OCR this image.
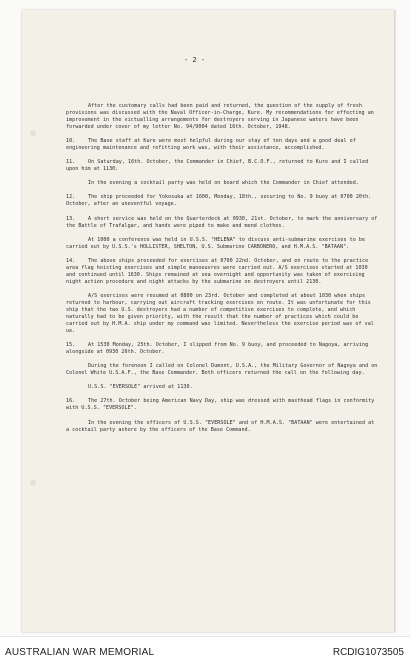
- 2 -
After the customary calls had been paid and returned, the question of the supply of fresh provisions was discussed with the Naval Officer-in-Charge, Kure. My recommendations for effecting an improvement in the victualling arrangements for destroyers serving in Japanese waters have been forwarded under cover of my letter No. 94/9004 dated 16th. October, 1948.
10.	The Base staff at Kure were most helpful during our stay of ten days and a good deal of engineering maintenance and refitting work was, with their assistance, accomplished.
11.	On Saturday, 16th. October, the Commander in Chief, B.C.O.F., returned to Kure and I called upon him at 1130.
In the evening a cocktail party was held on board which the Commander in Chief attended.
12.	The ship proceeded for Yokosuka at 1600, Monday, 18th., securing to No. 9 buoy at 0700 20th. October, after an uneventful voyage.
13.	A short service was held on the Quarterdeck at 0930, 21st. October, to mark the anniversary of the Battle of Trafalgar, and hands were piped to make and mend clothes.
At 1000 a conference was held in U.S.S. "HELENA" to discuss anti-submarine exercises to be carried out by U.S.S.'s HOLLISTER, SHELTON, U.S. Submarine CARBONERO, and H.M.A.S. "BATAAN".
14.	The above ships proceeded for exercises at 0700 22nd. October, and en route to the practice area flag hoisting exercises and simple manoeuvres were carried out. A/S exercises started at 1030 and continued until 1630. Ships remained at sea overnight and opportunity was taken of exercising night action procedure and night attacks by the submarine on destroyers until 2130.
A/S exercises were resumed at 0800 on 23rd. October and completed at about 1030 when ships returned to harbour, carrying out aircraft tracking exercises en route. It was unfortunate for this ship that the two U.S. destroyers had a number of competitive exercises to complete, and which naturally had to be given priority, with the result that the number of practices which could be carried out by H.M.A. ship under my command was limited. Nevertheless the exercise period was of val ue.
15.	At 1530 Monday, 25th. October, I slipped from No. 9 buoy, and proceeded to Nagoya, arriving alongside at 0930 26th. October.
During the forenoon I called on Colonel Dumont, U.S.A., the Military Governor of Nagoya and on Colonel White U.S.A.F., the Base Commander. Both officers returned the call on the following day.
U.S.S. "EVERSOLE" arrived at 1130.
16.	The 27th. October being American Navy Day, ship was dressed with masthead flags in conformity with U.S.S. "EVERSOLE".
In the evening the officers of U.S.S. "EVERSOLE" and of H.M.A.S. "BATAAN" were entertained at a cocktail party ashore by the officers of the Base Command.
AUSTRALIAN WAR MEMORIAL	RCDIG1073505
